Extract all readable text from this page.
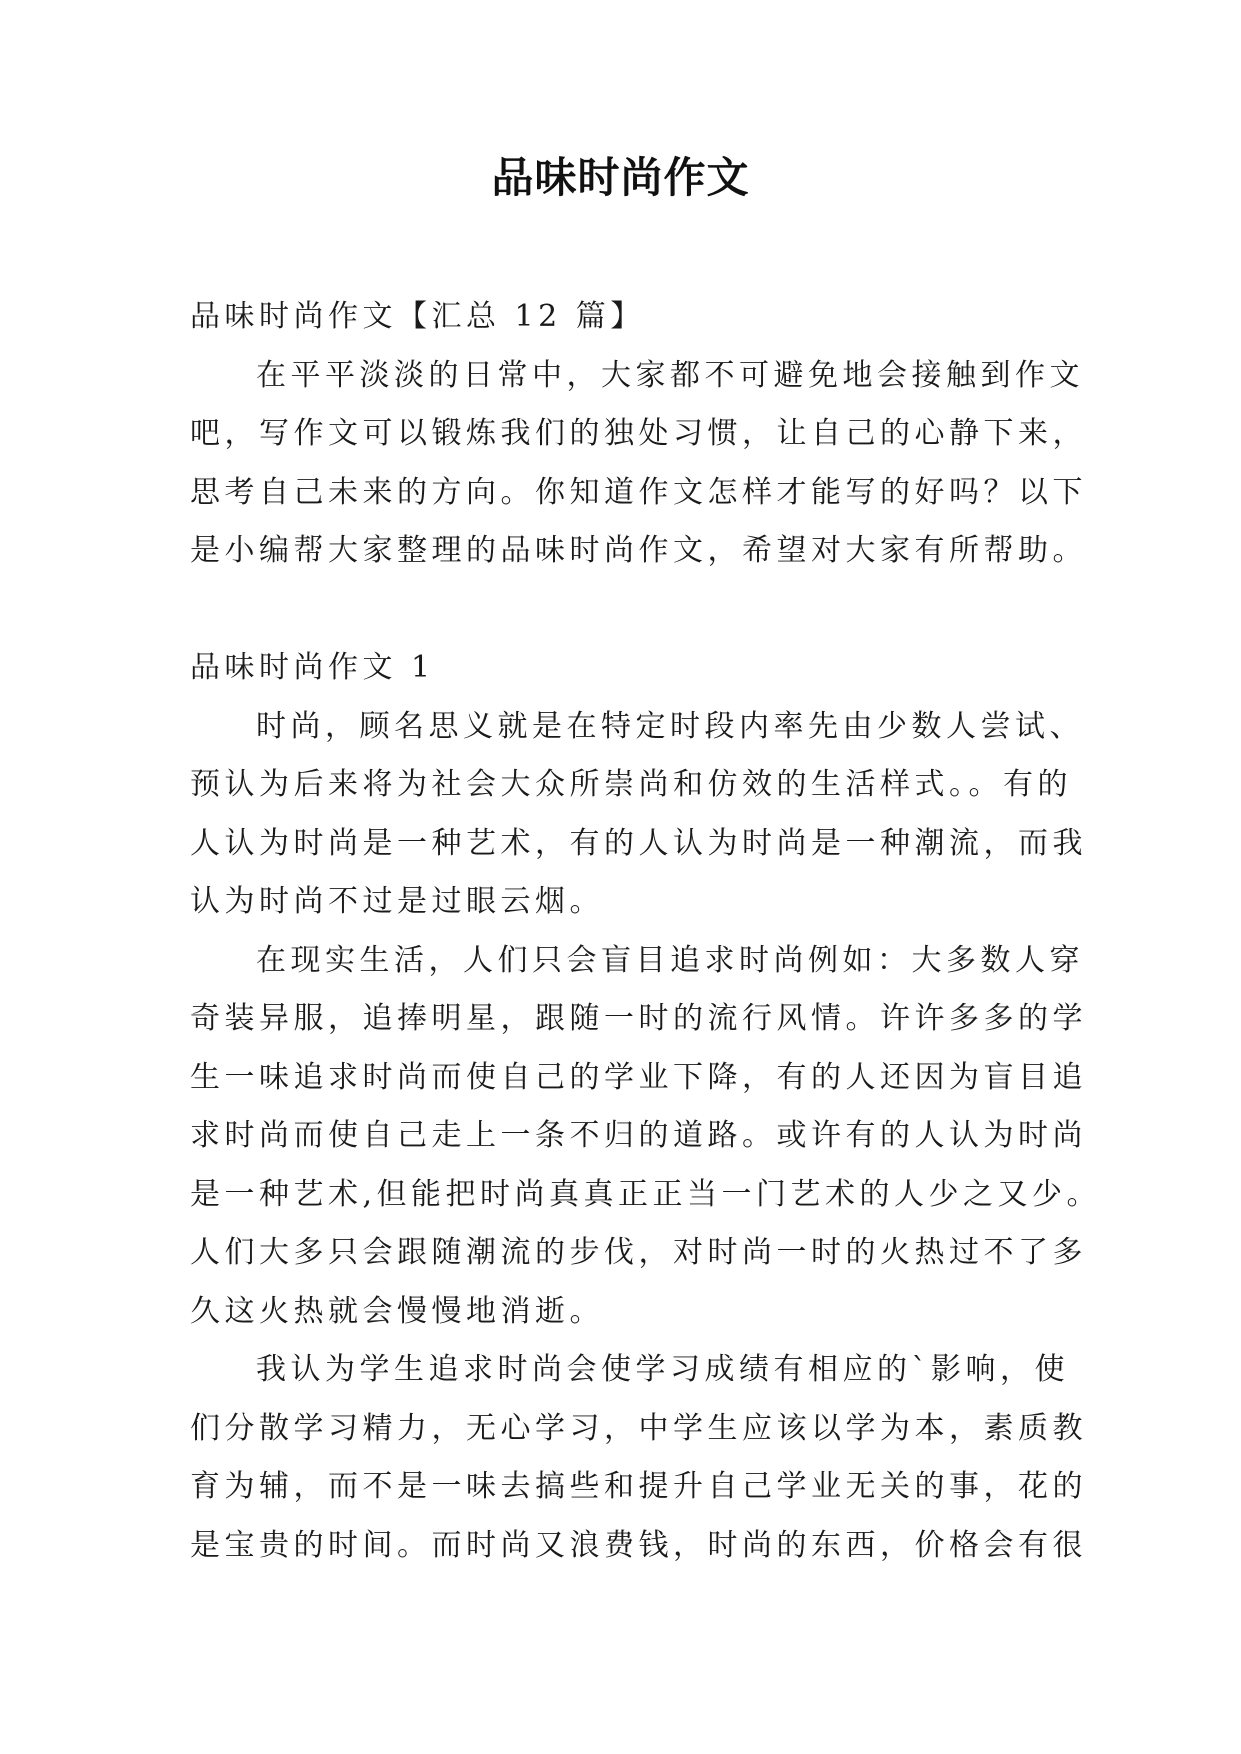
品味时尚作文

品味时尚作文【汇总 12 篇】

在平平淡淡的日常中，大家都不可避免地会接触到作文

吧，写作文可以锻炼我们的独处习惯，让自己的心静下来，

思考自己未来的方向。你知道作文怎样才能写的好吗？以下

是小编帮大家整理的品味时尚作文，希望对大家有所帮助。

品味时尚作文 1

时尚，顾名思义就是在特定时段内率先由少数人尝试、

预认为后来将为社会大众所崇尚和仿效的生活样式。。有的

人认为时尚是一种艺术，有的人认为时尚是一种潮流，而我

认为时尚不过是过眼云烟。

在现实生活，人们只会盲目追求时尚例如：大多数人穿

奇装异服，追捧明星，跟随一时的流行风情。许许多多的学

生一味追求时尚而使自己的学业下降，有的人还因为盲目追

求时尚而使自己走上一条不归的道路。或许有的人认为时尚

是一种艺术,但能把时尚真真正正当一门艺术的人少之又少。

人们大多只会跟随潮流的步伐，对时尚一时的火热过不了多

久这火热就会慢慢地消逝。

我认为学生追求时尚会使学习成绩有相应的`影响，使

们分散学习精力，无心学习，中学生应该以学为本，素质教

育为辅，而不是一味去搞些和提升自己学业无关的事，花的

是宝贵的时间。而时尚又浪费钱，时尚的东西，价格会有很
